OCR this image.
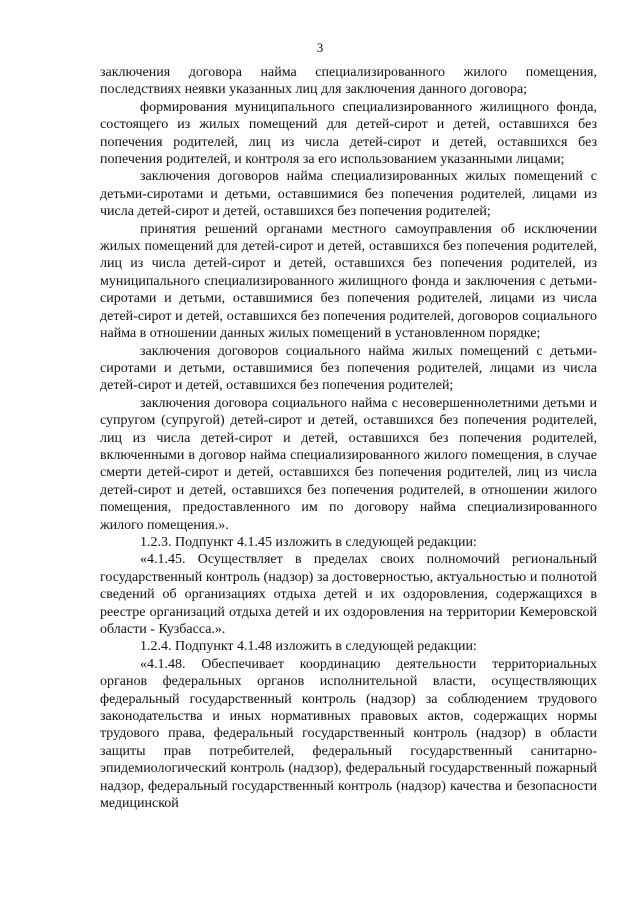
3

заключения договора найма специализированного жилого помещения, последствиях неявки указанных лиц для заключения данного договора;

формирования муниципального специализированного жилищного фонда, состоящего из жилых помещений для детей-сирот и детей, оставшихся без попечения родителей, лиц из числа детей-сирот и детей, оставшихся без попечения родителей, и контроля за его использованием указанными лицами;

заключения договоров найма специализированных жилых помещений с детьми-сиротами и детьми, оставшимися без попечения родителей, лицами из числа детей-сирот и детей, оставшихся без попечения родителей;

принятия решений органами местного самоуправления об исключении жилых помещений для детей-сирот и детей, оставшихся без попечения родителей, лиц из числа детей-сирот и детей, оставшихся без попечения родителей, из муниципального специализированного жилищного фонда и заключения с детьми-сиротами и детьми, оставшимися без попечения родителей, лицами из числа детей-сирот и детей, оставшихся без попечения родителей, договоров социального найма в отношении данных жилых помещений в установленном порядке;

заключения договоров социального найма жилых помещений с детьми-сиротами и детьми, оставшимися без попечения родителей, лицами из числа детей-сирот и детей, оставшихся без попечения родителей;

заключения договора социального найма с несовершеннолетними детьми и супругом (супругой) детей-сирот и детей, оставшихся без попечения родителей, лиц из числа детей-сирот и детей, оставшихся без попечения родителей, включенными в договор найма специализированного жилого помещения, в случае смерти детей-сирот и детей, оставшихся без попечения родителей, лиц из числа детей-сирот и детей, оставшихся без попечения родителей, в отношении жилого помещения, предоставленного им по договору найма специализированного жилого помещения.».

1.2.3. Подпункт 4.1.45 изложить в следующей редакции:

«4.1.45. Осуществляет в пределах своих полномочий региональный государственный контроль (надзор) за достоверностью, актуальностью и полнотой сведений об организациях отдыха детей и их оздоровления, содержащихся в реестре организаций отдыха детей и их оздоровления на территории Кемеровской области - Кузбасса.».

1.2.4. Подпункт 4.1.48 изложить в следующей редакции:

«4.1.48. Обеспечивает координацию деятельности территориальных органов федеральных органов исполнительной власти, осуществляющих федеральный государственный контроль (надзор) за соблюдением трудового законодательства и иных нормативных правовых актов, содержащих нормы трудового права, федеральный государственный контроль (надзор) в области защиты прав потребителей, федеральный государственный санитарно-эпидемиологический контроль (надзор), федеральный государственный пожарный надзор, федеральный государственный контроль (надзор) качества и безопасности медицинской
